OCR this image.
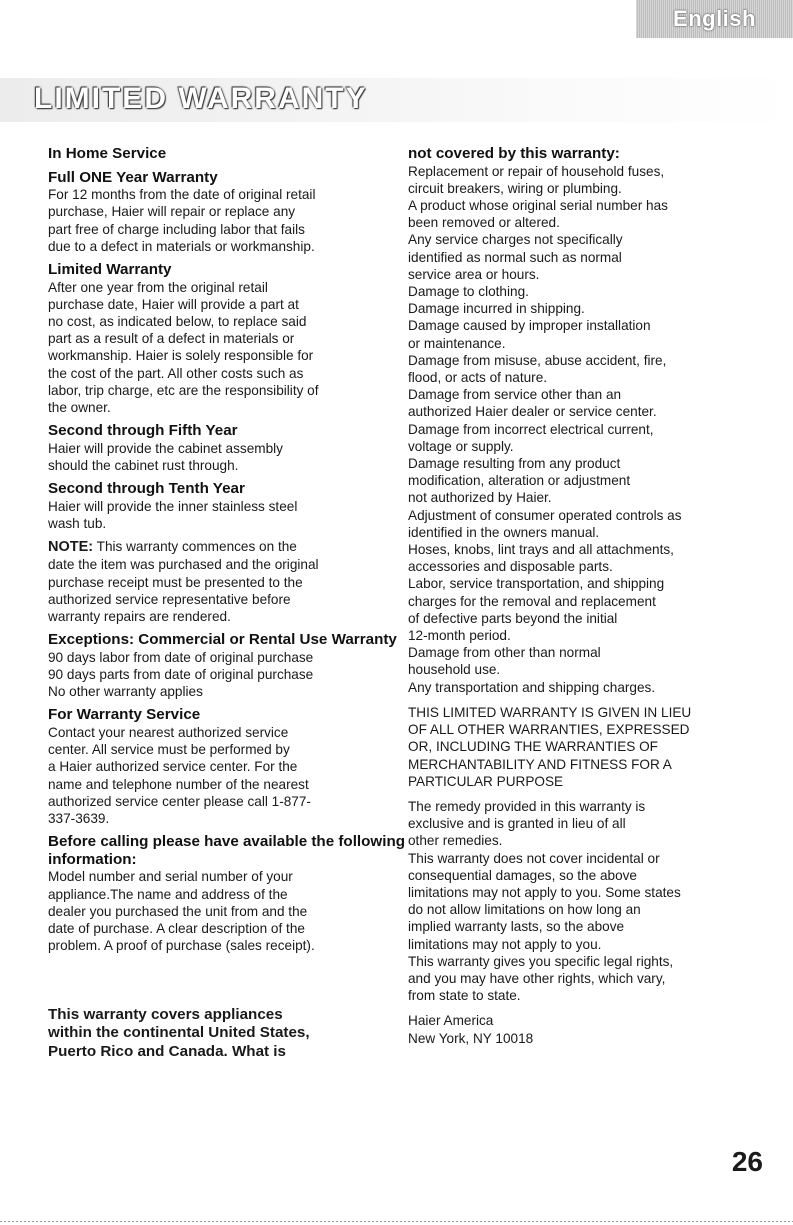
English
LIMITED WARRANTY
In Home Service
Full ONE Year Warranty

For 12 months from the date of original retail
purchase, Haier will repair or replace any
part free of charge including labor that fails
due to a defect in materials or workmanship.

Limited Warranty

After one year from the original retail
purchase date, Haier will provide a part at
no cost, as indicated below, to replace said
part as a result of a defect in materials or
workmanship. Haier is solely responsible for
the cost of the part. All other costs such as
labor, trip charge, etc are the responsibility of
the owner.

Second through Fifth Year

Haier will provide the cabinet assembly
should the cabinet rust through.

Second through Tenth Year

Haier will provide the inner stainless steel
wash tub.

NOTE: This warranty commences on the
date the item was purchased and the original
purchase receipt must be presented to the
authorized service representative before
warranty repairs are rendered.

Exceptions: Commercial or Rental Use Warranty

90 days labor from date of original purchase
90 days parts from date of original purchase
No other warranty applies

For Warranty Service

Contact your nearest authorized service
center. All service must be performed by
a Haier authorized service center. For the
name and telephone number of the nearest
authorized service center please call 1-877-
337-3639.

Before calling please have available the following information:

Model number and serial number of your
appliance.The name and address of the
dealer you purchased the unit from and the
date of purchase. A clear description of the
problem. A proof of purchase (sales receipt).

not covered by this warranty:

Replacement or repair of household fuses,
circuit breakers, wiring or plumbing.
A product whose original serial number has
been removed or altered.
Any service charges not specifically
identified as normal such as normal
service area or hours.
Damage to clothing.
Damage incurred in shipping.
Damage caused by improper installation
or maintenance.
Damage from misuse, abuse accident, fire,
flood, or acts of nature.
Damage from service other than an
authorized Haier dealer or service center.
Damage from incorrect electrical current,
voltage or supply.
Damage resulting from any product
modification, alteration or adjustment
not authorized by Haier.
Adjustment of consumer operated controls as
identified in the owners manual.
Hoses, knobs, lint trays and all attachments,
accessories and disposable parts.
Labor, service transportation, and shipping
charges for the removal and replacement
of defective parts beyond the initial
12-month period.
Damage from other than normal
household use.
Any transportation and shipping charges.

THIS LIMITED WARRANTY IS GIVEN IN LIEU
OF ALL OTHER WARRANTIES, EXPRESSED
OR, INCLUDING THE WARRANTIES OF
MERCHANTABILITY AND FITNESS FOR A
PARTICULAR PURPOSE

The remedy provided in this warranty is
exclusive and is granted in lieu of all
other remedies.
This warranty does not cover incidental or
consequential damages, so the above
limitations may not apply to you. Some states
do not allow limitations on how long an
implied warranty lasts, so the above
limitations may not apply to you.
This warranty gives you specific legal rights,
and you may have other rights, which vary,
from state to state.

Haier America
New York, NY 10018

This warranty covers appliances
within the continental United States,
Puerto Rico and Canada. What is
26
